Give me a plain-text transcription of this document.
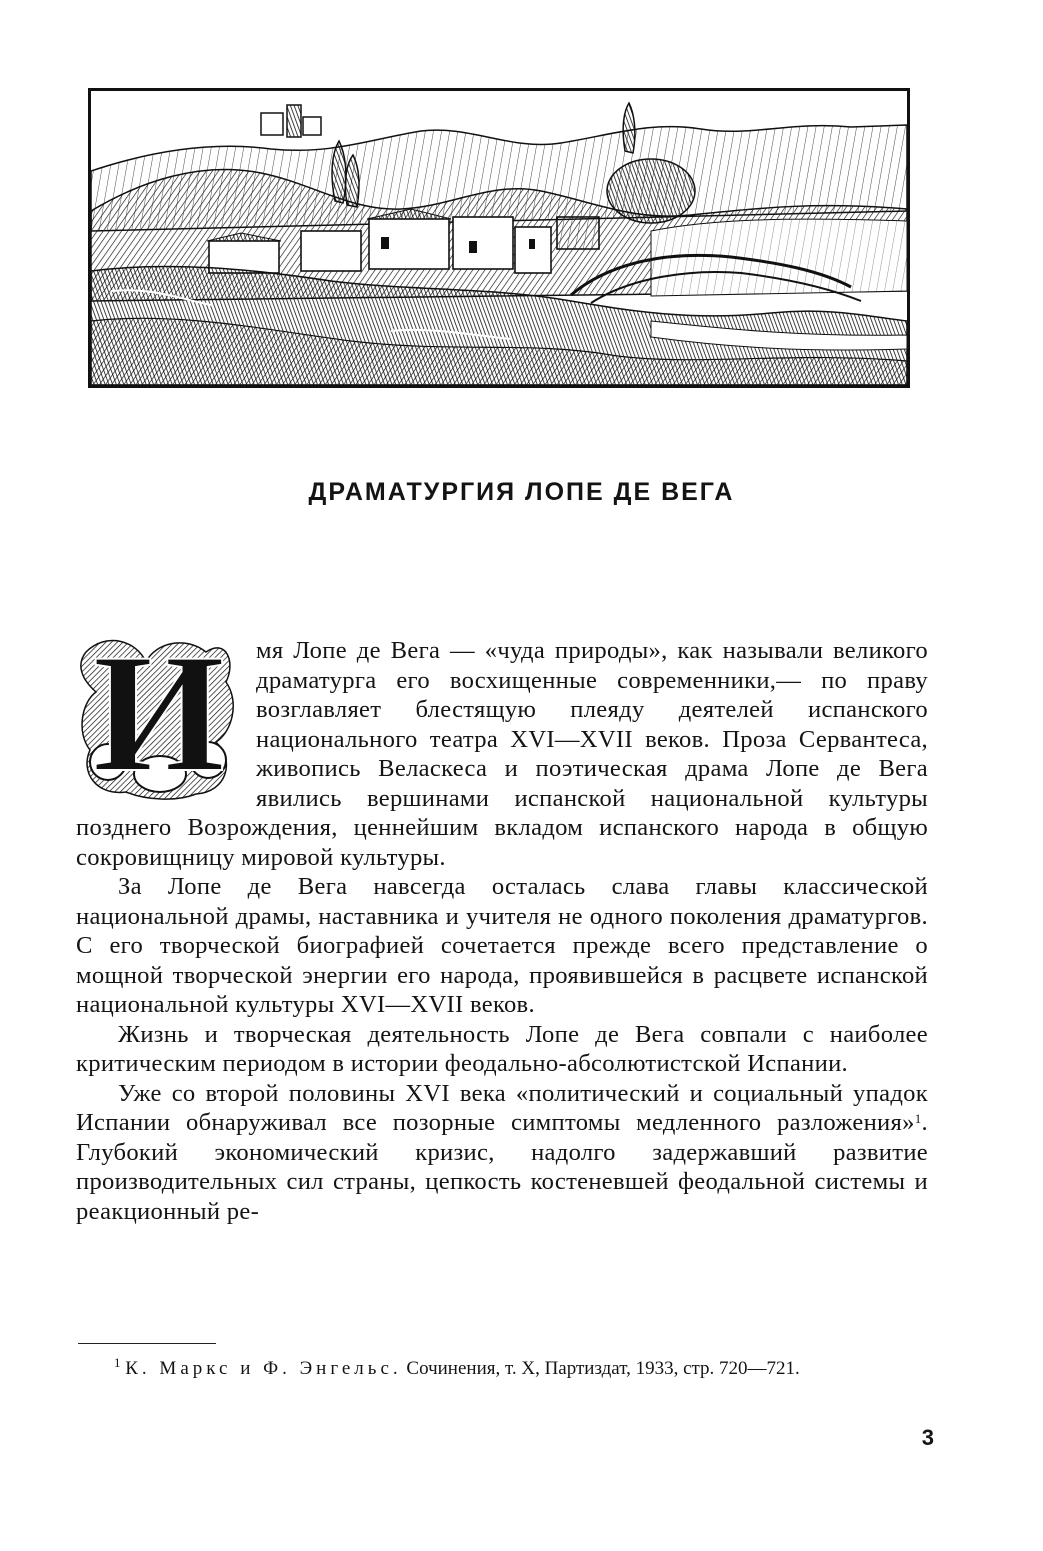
ДРАМАТУРГИЯ ЛОПЕ ДЕ ВЕГА

И мя Лопе де Вега — «чуда природы», как называли великого драматурга его восхищенные современники,— по праву возглавляет блестящую плеяду деятелей испанского национального театра XVI—XVII веков. Проза Сервантеса, живопись Веласкеса и поэтическая драма Лопе де Вега явились вершинами испанской национальной культуры позднего Возрождения, ценнейшим вкладом испанского народа в общую сокровищницу мировой культуры.

За Лопе де Вега навсегда осталась слава главы классической национальной драмы, наставника и учителя не одного поколения драматургов. С его творческой биографией сочетается прежде всего представление о мощной творческой энергии его народа, проявившейся в расцвете испанской национальной культуры XVI—XVII веков.

Жизнь и творческая деятельность Лопе де Вега совпали с наиболее критическим периодом в истории феодально-абсолютистской Испании.

Уже со второй половины XVI века «политический и социальный упадок Испании обнаруживал все позорные симптомы медленного разложения»$^1$. Глубокий экономический кризис, надолго задержавший развитие производительных сил страны, цепкость костеневшей феодальной системы и реакционный ре-

$^1$ К. Маркс и Ф. Энгельс. Сочинения, т. X, Партиздат, 1933, стр. 720—721.

3
